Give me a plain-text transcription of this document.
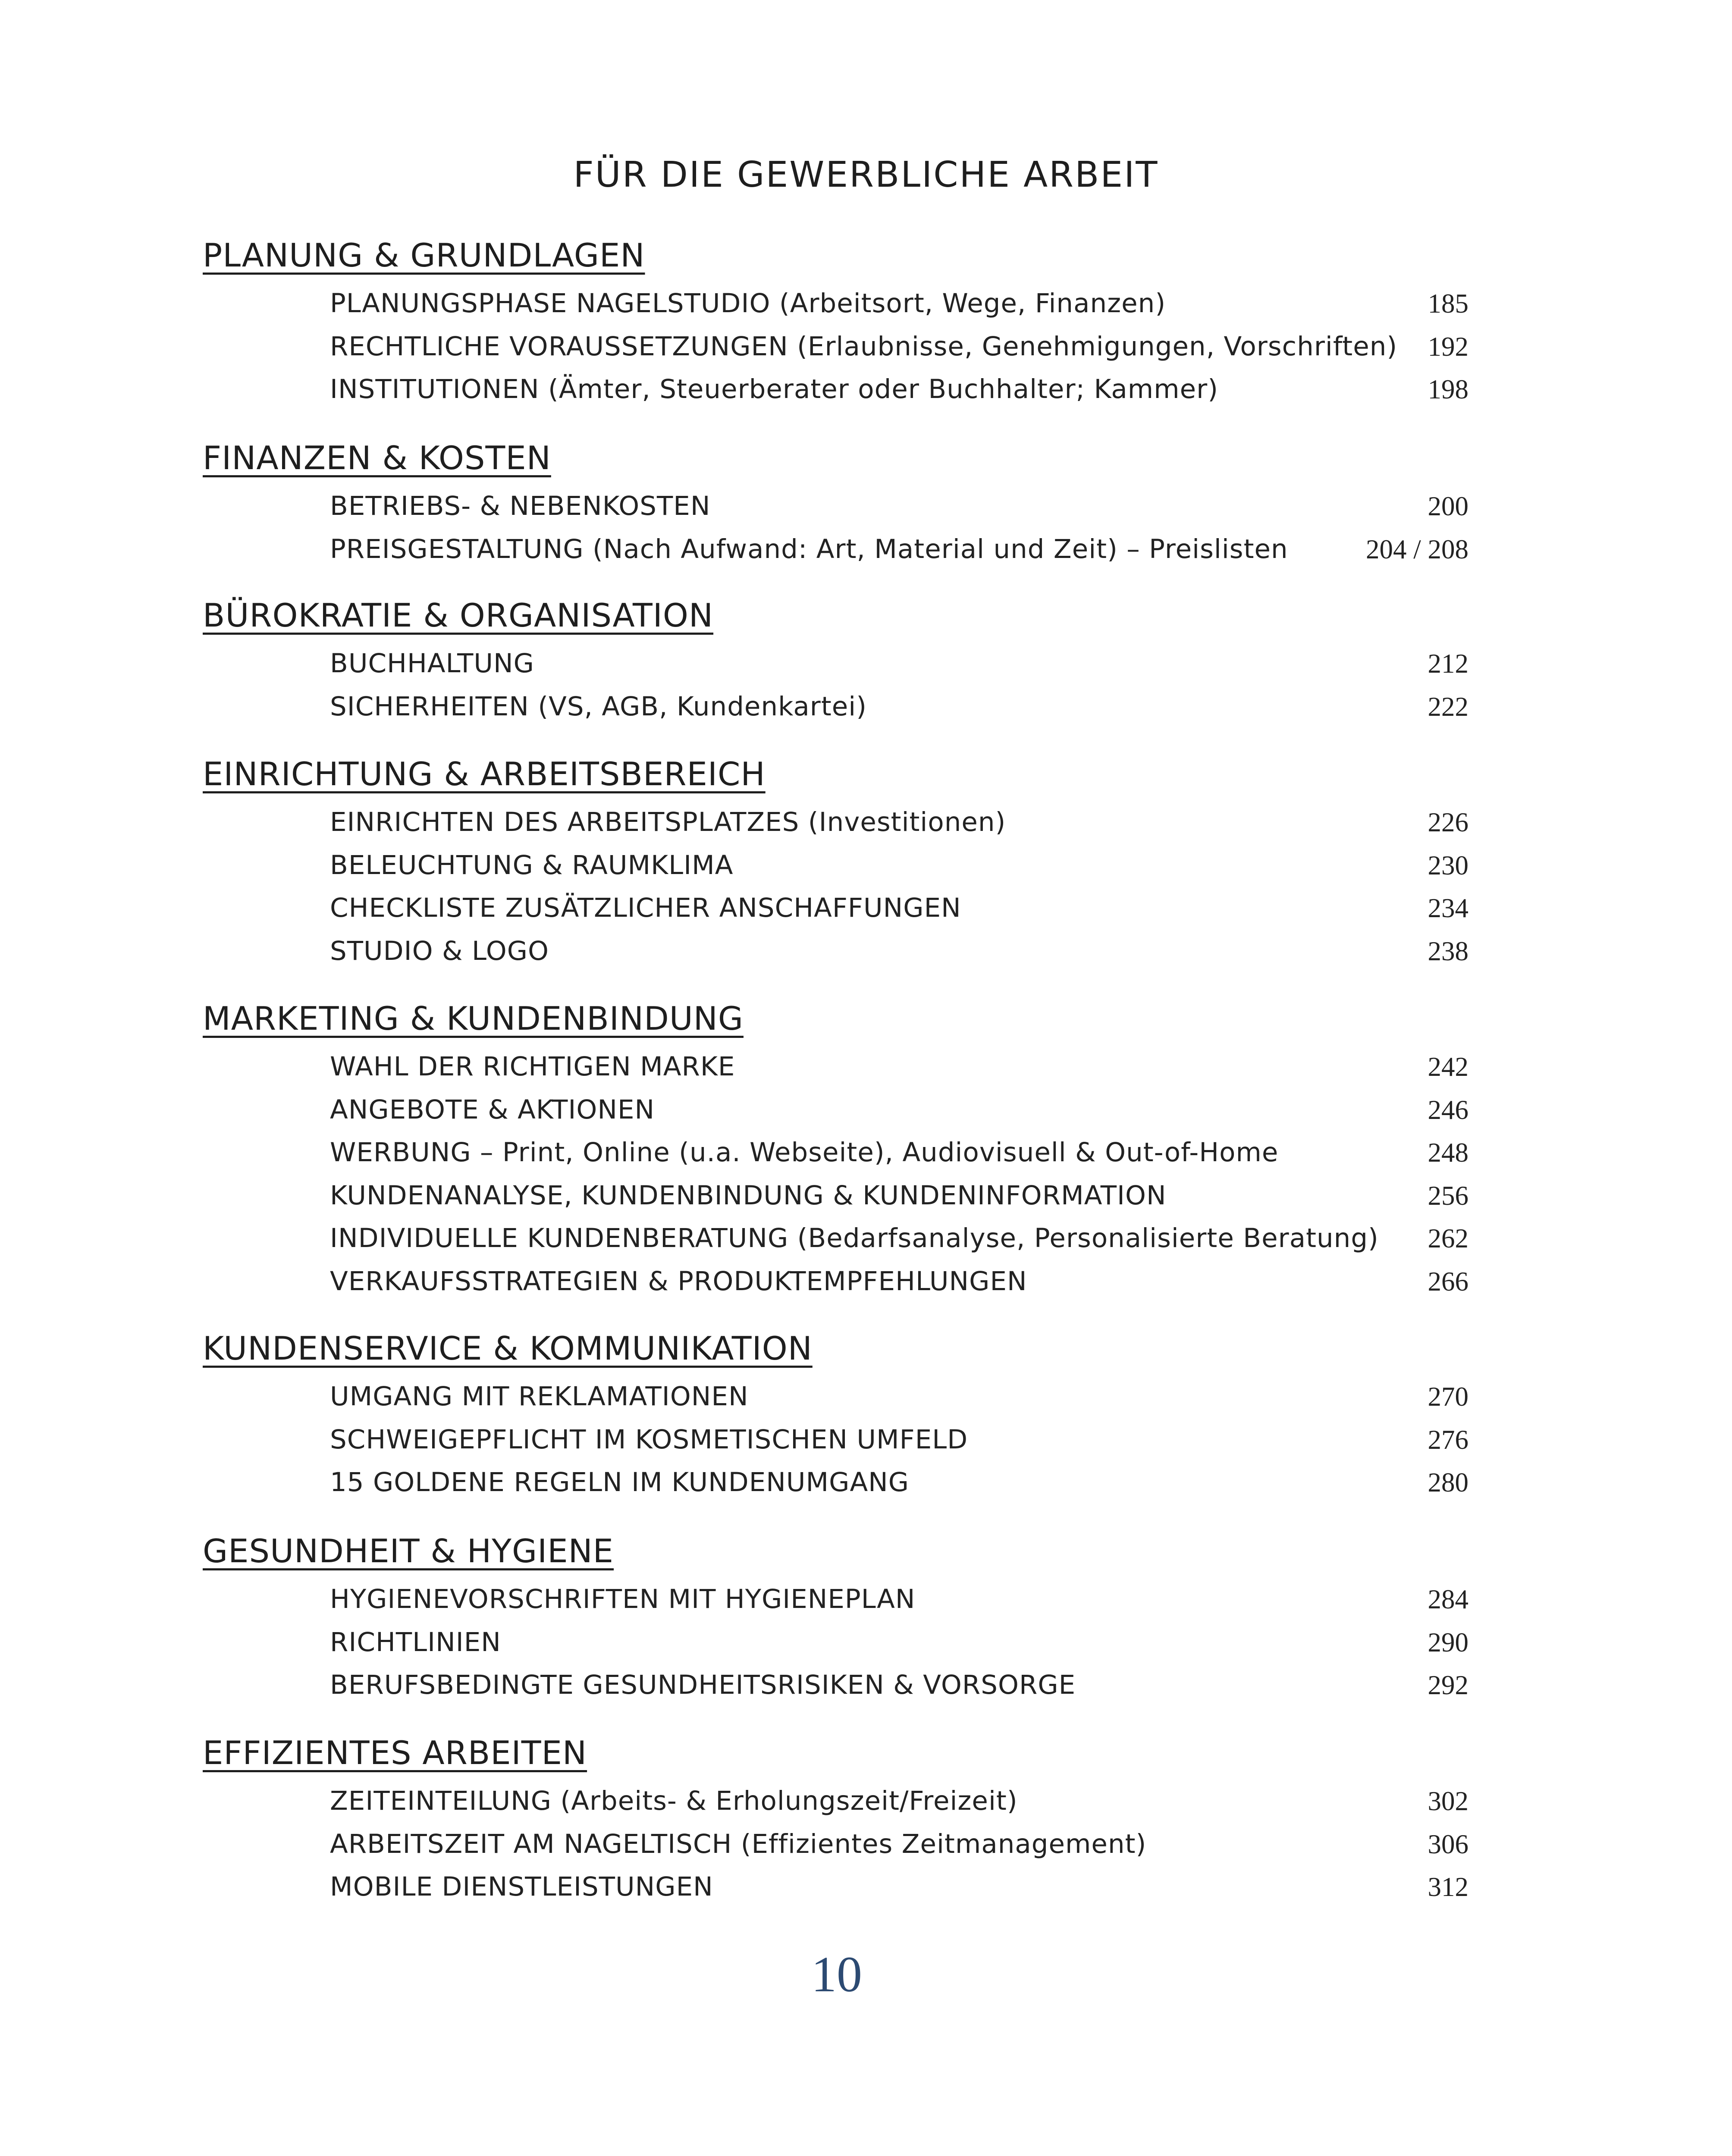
FÜR DIE GEWERBLICHE ARBEIT
PLANUNG & GRUNDLAGEN
PLANUNGSPHASE NAGELSTUDIO (Arbeitsort, Wege, Finanzen)	185
RECHTLICHE VORAUSSETZUNGEN (Erlaubnisse, Genehmigungen, Vorschriften) 192
INSTITUTIONEN (Ämter, Steuerberater oder Buchhalter; Kammer)	198
FINANZEN & KOSTEN
BETRIEBS- & NEBENKOSTEN	200
PREISGESTALTUNG (Nach Aufwand: Art, Material und Zeit) – Preislisten	204 / 208
BÜROKRATIE & ORGANISATION
BUCHHALTUNG	212
SICHERHEITEN (VS, AGB, Kundenkartei)	222
EINRICHTUNG & ARBEITSBEREICH
EINRICHTEN DES ARBEITSPLATZES (Investitionen)	226
BELEUCHTUNG & RAUMKLIMA	230
CHECKLISTE ZUSÄTZLICHER ANSCHAFFUNGEN	234
STUDIO & LOGO	238
MARKETING & KUNDENBINDUNG
WAHL DER RICHTIGEN MARKE	242
ANGEBOTE & AKTIONEN	246
WERBUNG – Print, Online (u.a. Webseite), Audiovisuell & Out-of-Home	248
KUNDENANALYSE, KUNDENBINDUNG & KUNDENINFORMATION	256
INDIVIDUELLE KUNDENBERATUNG (Bedarfsanalyse, Personalisierte Beratung) 262
VERKAUFSSTRATEGIEN & PRODUKTEMPFEHLUNGEN	266
KUNDENSERVICE & KOMMUNIKATION
UMGANG MIT REKLAMATIONEN	270
SCHWEIGEPFLICHT IM KOSMETISCHEN UMFELD	276
15 GOLDENE REGELN IM KUNDENUMGANG	280
GESUNDHEIT & HYGIENE
HYGIENEVORSCHRIFTEN MIT HYGIENEPLAN	284
RICHTLINIEN	290
BERUFSBEDINGTE GESUNDHEITSRISIKEN & VORSORGE	292
EFFIZIENTES ARBEITEN
ZEITEINTEILUNG (Arbeits- & Erholungszeit/Freizeit)	302
ARBEITSZEIT AM NAGELTISCH (Effizientes Zeitmanagement)	306
MOBILE DIENSTLEISTUNGEN	312
10
